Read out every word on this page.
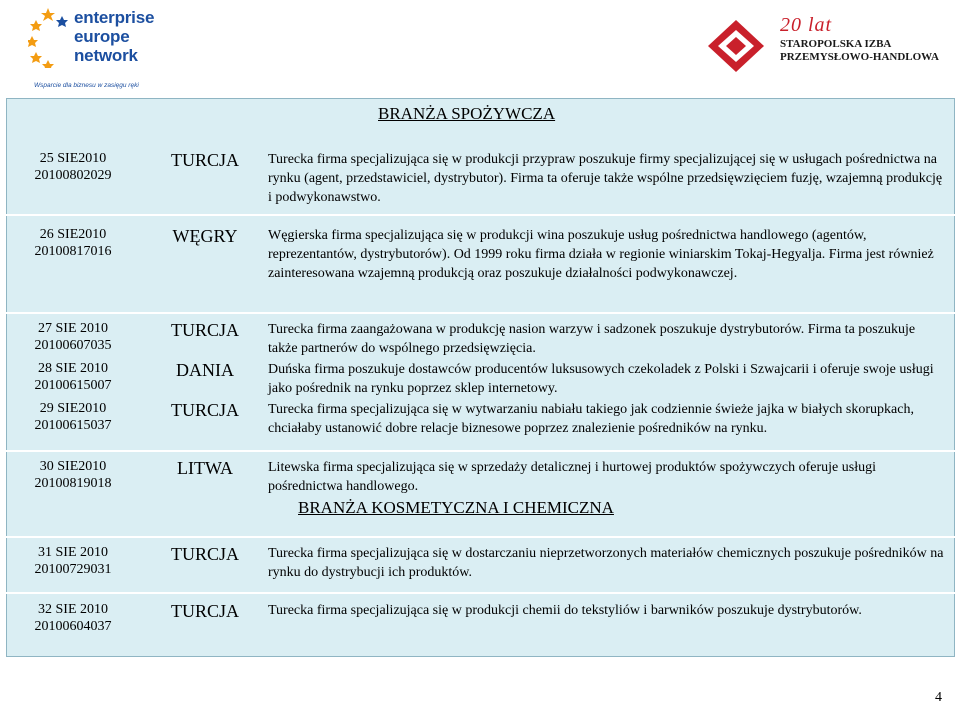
enterprise
europe
network
Wsparcie dla biznesu w zasięgu ręki
20 lat
STAROPOLSKA IZBA
PRZEMYSŁOWO-HANDLOWA
BRANŻA SPOŻYWCZA
25 SIE2010
20100802029
TURCJA	Turecka firma specjalizująca się w produkcji przypraw poszukuje firmy specjalizującej się w usługach pośrednictwa na rynku (agent, przedstawiciel, dystrybutor). Firma ta oferuje także wspólne przedsięwzięciem fuzję, wzajemną produkcję i podwykonawstwo.
26 SIE2010
20100817016
WĘGRY	Węgierska firma specjalizująca się w produkcji wina poszukuje usług pośrednictwa handlowego (agentów, reprezentantów, dystrybutorów). Od 1999 roku firma działa w regionie winiarskim Tokaj-Hegyalja. Firma jest również zainteresowana wzajemną produkcją oraz poszukuje działalności podwykonawczej.
27 SIE 2010
20100607035
TURCJA	Turecka firma zaangażowana w produkcję nasion warzyw i sadzonek poszukuje dystrybutorów. Firma ta poszukuje także partnerów do wspólnego przedsięwzięcia.
28 SIE 2010
20100615007
DANIA	Duńska firma poszukuje dostawców producentów luksusowych czekoladek z Polski i Szwajcarii i oferuje swoje usługi jako pośrednik na rynku poprzez sklep internetowy.
29 SIE2010
20100615037
TURCJA	Turecka firma specjalizująca się w wytwarzaniu nabiału takiego jak codziennie świeże jajka w białych skorupkach, chciałaby ustanowić dobre relacje biznesowe poprzez znalezienie pośredników na rynku.
30 SIE2010
20100819018
LITWA	Litewska firma specjalizująca się w sprzedaży detalicznej i hurtowej produktów spożywczych oferuje usługi pośrednictwa handlowego.
BRANŻA KOSMETYCZNA I CHEMICZNA
31 SIE 2010
20100729031
TURCJA	Turecka firma specjalizująca się w dostarczaniu nieprzetworzonych materiałów chemicznych poszukuje pośredników na rynku do dystrybucji ich produktów.
32 SIE 2010
20100604037
TURCJA	Turecka firma specjalizująca się w produkcji chemii do tekstyliów i barwników poszukuje dystrybutorów.
4
